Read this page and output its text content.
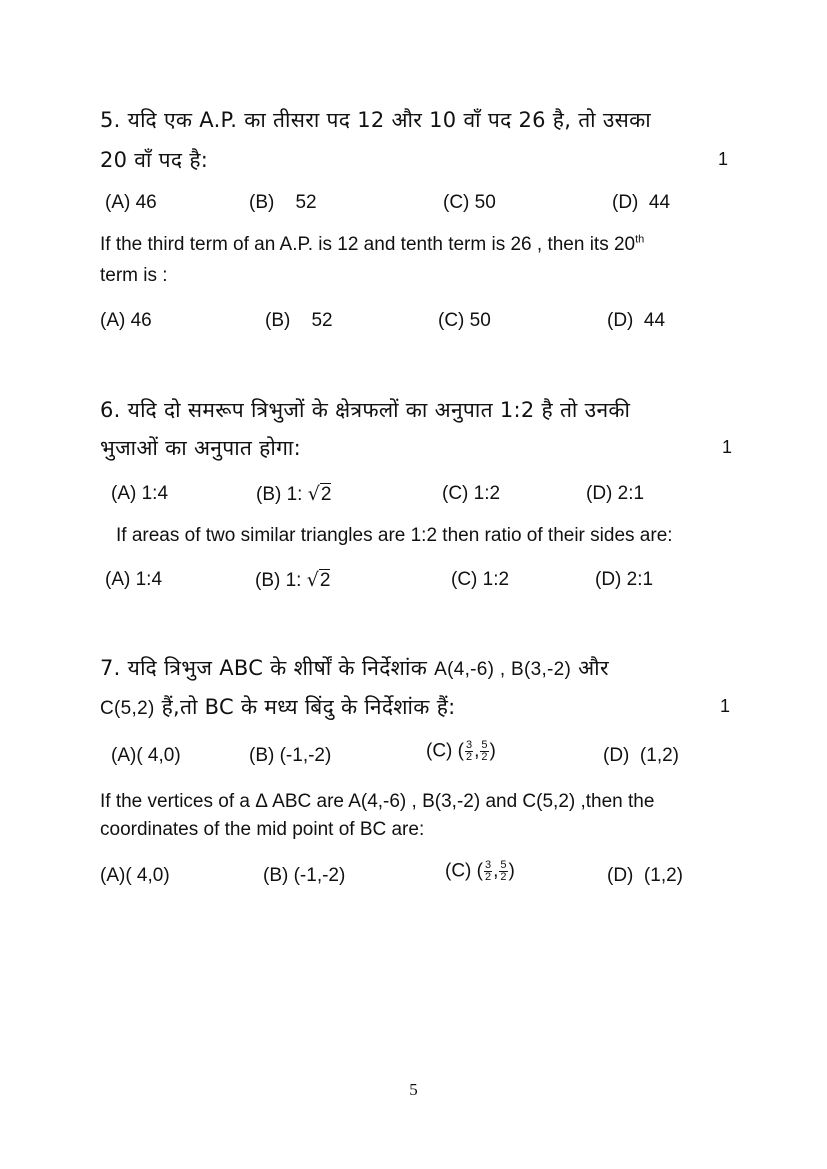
5. यदि एक A.P. का तीसरा पद 12 और 10 वाँ पद 26 है, तो उसका
20 वाँ पद है:	1
(A) 46	(B)    52	(C) 50	(D)  44
If the third term of an A.P. is 12 and tenth term is 26 , then its 20th
term is :
(A) 46	(B)    52	(C) 50	(D)  44
6. यदि दो समरूप त्रिभुजों के क्षेत्रफलों का अनुपात 1:2 है तो उनकी
भुजाओं का अनुपात होगा:	1
(A) 1:4	(B) 1: √2	(C) 1:2	(D) 2:1
If areas of two similar triangles are 1:2 then ratio of their sides are:
(A) 1:4	(B) 1: √2	(C) 1:2	(D) 2:1
7. यदि त्रिभुज ABC के शीर्षों के निर्देशांक A(4,-6) , B(3,-2) और
C(5,2) हैं,तो BC के मध्य बिंदु के निर्देशांक हैं:	1
(A)( 4,0)	(B) (-1,-2)	(C) ( $\frac{3}{2}$ , $\frac{5}{2}$ )	(D)  (1,2)
If the vertices of a Δ ABC are A(4,-6) , B(3,-2) and C(5,2) ,then the
coordinates of the mid point of BC are:
(A)( 4,0)	(B) (-1,-2)	(C) ( $\frac{3}{2}$ , $\frac{5}{2}$ )	(D)  (1,2)
5
